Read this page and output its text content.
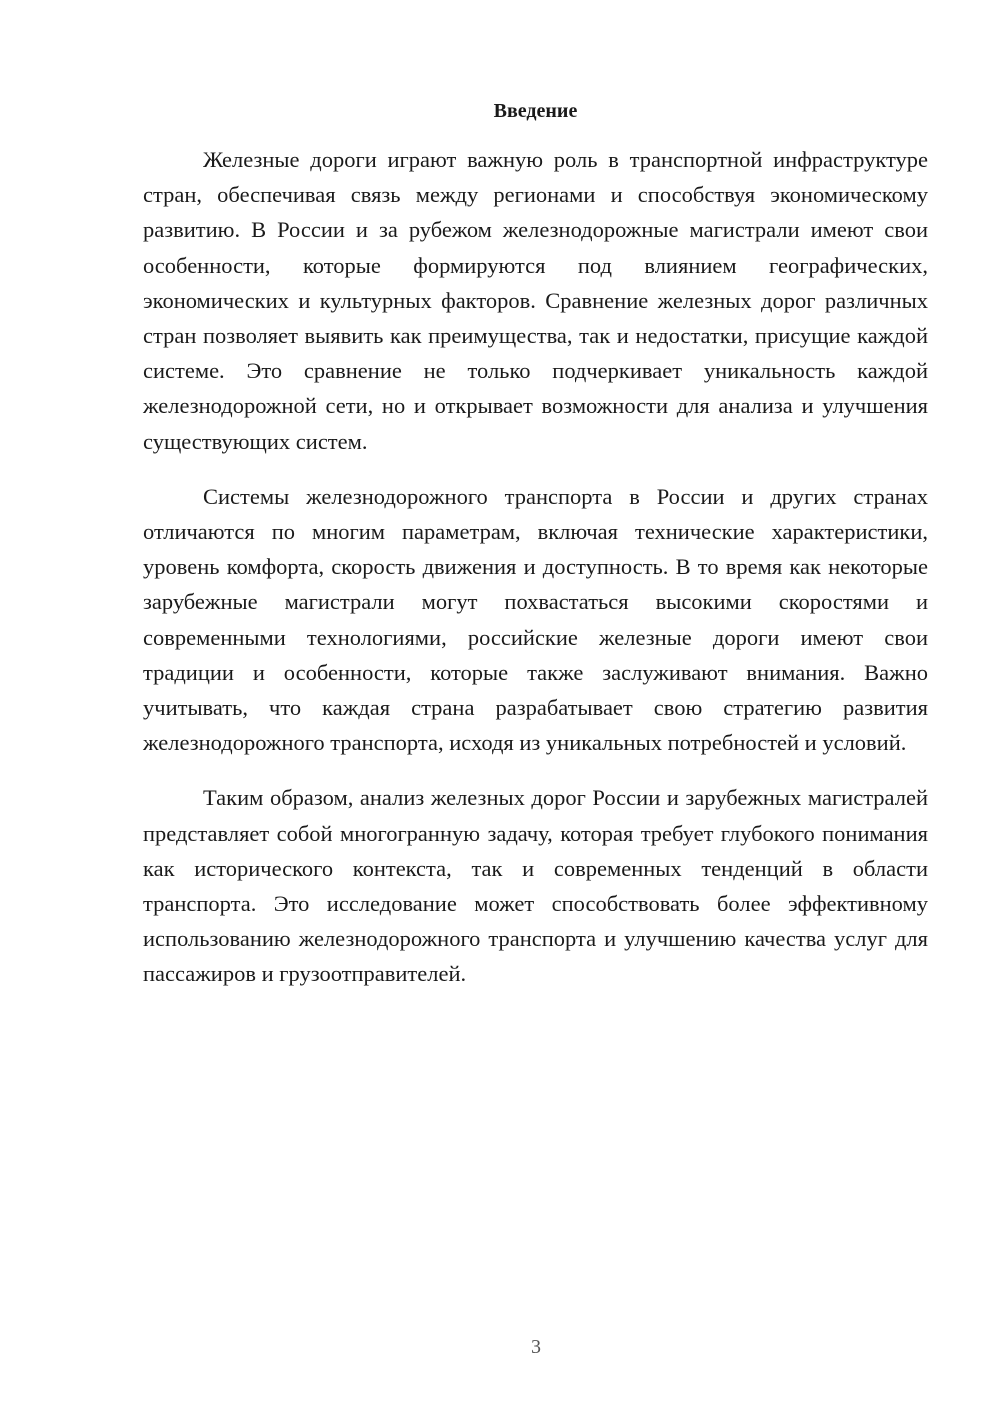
Введение

Железные дороги играют важную роль в транспортной инфраструктуре стран, обеспечивая связь между регионами и способствуя экономическому развитию. В России и за рубежом железнодорожные магистрали имеют свои особенности, которые формируются под влиянием географических, экономических и культурных факторов. Сравнение железных дорог различных стран позволяет выявить как преимущества, так и недостатки, присущие каждой системе. Это сравнение не только подчеркивает уникальность каждой железнодорожной сети, но и открывает возможности для анализа и улучшения существующих систем.

Системы железнодорожного транспорта в России и других странах отличаются по многим параметрам, включая технические характеристики, уровень комфорта, скорость движения и доступность. В то время как некоторые зарубежные магистрали могут похвастаться высокими скоростями и современными технологиями, российские железные дороги имеют свои традиции и особенности, которые также заслуживают внимания. Важно учитывать, что каждая страна разрабатывает свою стратегию развития железнодорожного транспорта, исходя из уникальных потребностей и условий.

Таким образом, анализ железных дорог России и зарубежных магистралей представляет собой многогранную задачу, которая требует глубокого понимания как исторического контекста, так и современных тенденций в области транспорта. Это исследование может способствовать более эффективному использованию железнодорожного транспорта и улучшению качества услуг для пассажиров и грузоотправителей.

3
